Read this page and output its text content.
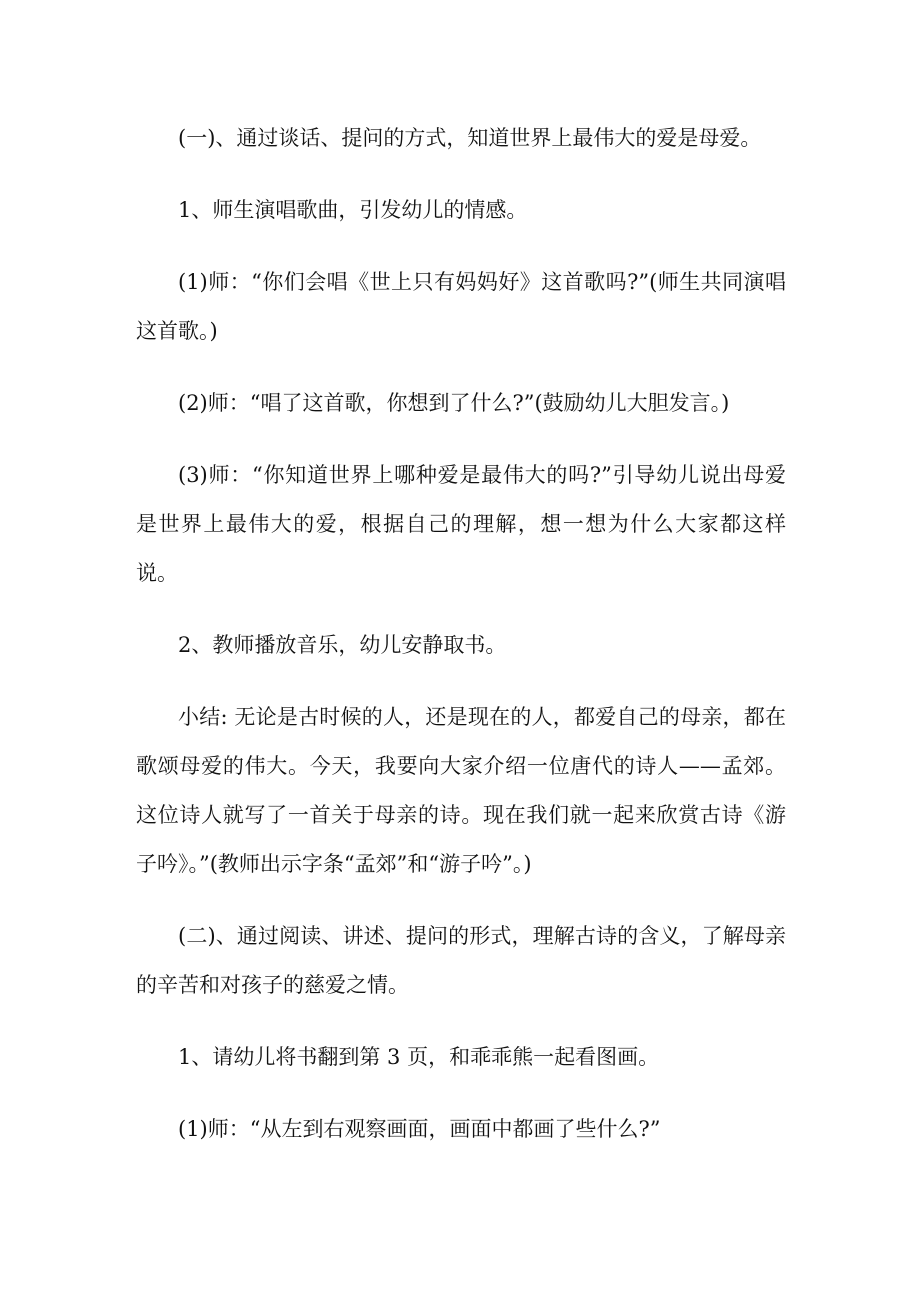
(一)、通过谈话、提问的方式，知道世界上最伟大的爱是母爱。

1、师生演唱歌曲，引发幼儿的情感。

(1)师：“你们会唱《世上只有妈妈好》这首歌吗?”(师生共同演唱这首歌。)

(2)师：“唱了这首歌，你想到了什么?”(鼓励幼儿大胆发言。)

(3)师：“你知道世界上哪种爱是最伟大的吗?”引导幼儿说出母爱是世界上最伟大的爱，根据自己的理解，想一想为什么大家都这样说。

2、教师播放音乐，幼儿安静取书。

小结: 无论是古时候的人，还是现在的人，都爱自己的母亲，都在歌颂母爱的伟大。今天，我要向大家介绍一位唐代的诗人——孟郊。这位诗人就写了一首关于母亲的诗。现在我们就一起来欣赏古诗《游子吟》。”(教师出示字条“孟郊”和“游子吟”。)

(二)、通过阅读、讲述、提问的形式，理解古诗的含义，了解母亲的辛苦和对孩子的慈爱之情。

1、请幼儿将书翻到第 3 页，和乖乖熊一起看图画。

(1)师：“从左到右观察画面，画面中都画了些什么?”
